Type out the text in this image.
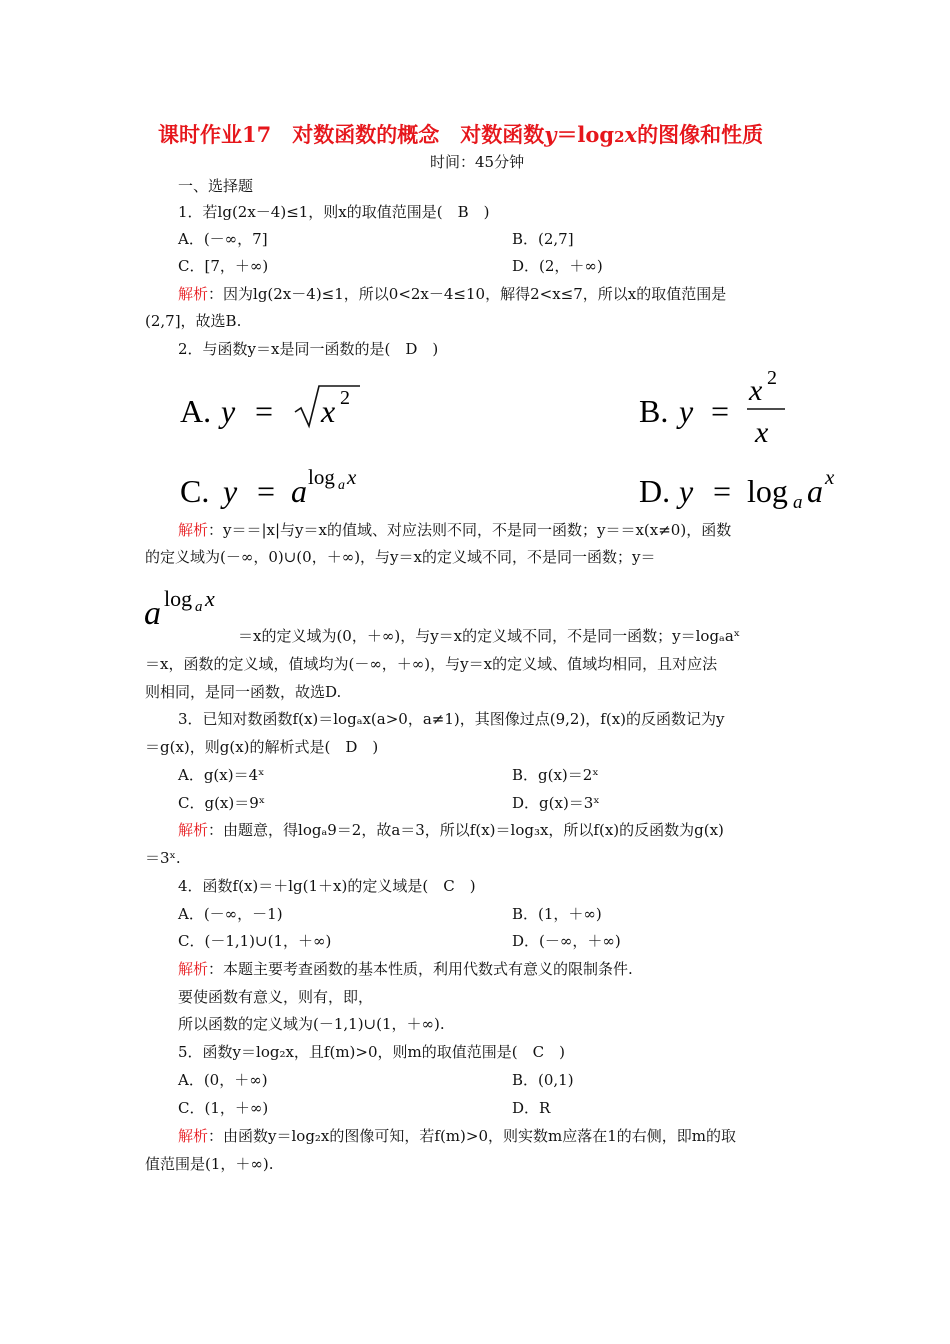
课时作业17　对数函数的概念　对数函数y＝log2x的图像和性质
时间：45分钟
一、选择题
1．若lg(2x－4)≤1，则x的取值范围是(　B　)
A．(－∞，7]	B．(2,7]
C．[7，＋∞)	D．(2，＋∞)
解析：因为lg(2x－4)≤1，所以0<2x－4≤10，解得2<x≤7，所以x的取值范围是
(2,7]，故选B.
2．与函数y＝x是同一函数的是(　D　)
A. y = x 2	B. y =
x 2
x
C. y = a log a x	D. y = log a a x
解析：y＝＝|x|与y＝x的值域、对应法则不同，不是同一函数；y＝＝x(x≠0)，函数
的定义域为(－∞，0)∪(0，＋∞)，与y＝x的定义域不同，不是同一函数；y＝
a log a x
＝x的定义域为(0，＋∞)，与y＝x的定义域不同，不是同一函数；y＝logₐaˣ
＝x，函数的定义域，值域均为(－∞，＋∞)，与y＝x的定义域、值域均相同，且对应法
则相同，是同一函数，故选D.
3．已知对数函数f(x)＝logₐx(a>0，a≠1)，其图像过点(9,2)，f(x)的反函数记为y
＝g(x)，则g(x)的解析式是(　D　)
A．g(x)＝4ˣ	B．g(x)＝2ˣ
C．g(x)＝9ˣ	D．g(x)＝3ˣ
解析：由题意，得logₐ9＝2，故a＝3，所以f(x)＝log₃x，所以f(x)的反函数为g(x)
＝3ˣ.
4．函数f(x)＝＋lg(1＋x)的定义域是(　C　)
A．(－∞，－1)	B．(1，＋∞)
C．(－1,1)∪(1，＋∞)	D．(－∞，＋∞)
解析：本题主要考查函数的基本性质，利用代数式有意义的限制条件.
要使函数有意义，则有，即，
所以函数的定义域为(－1,1)∪(1，＋∞).
5．函数y＝log₂x，且f(m)>0，则m的取值范围是(　C　)
A．(0，＋∞)	B．(0,1)
C．(1，＋∞)	D．R
解析：由函数y＝log₂x的图像可知，若f(m)>0，则实数m应落在1的右侧，即m的取
值范围是(1，＋∞).
